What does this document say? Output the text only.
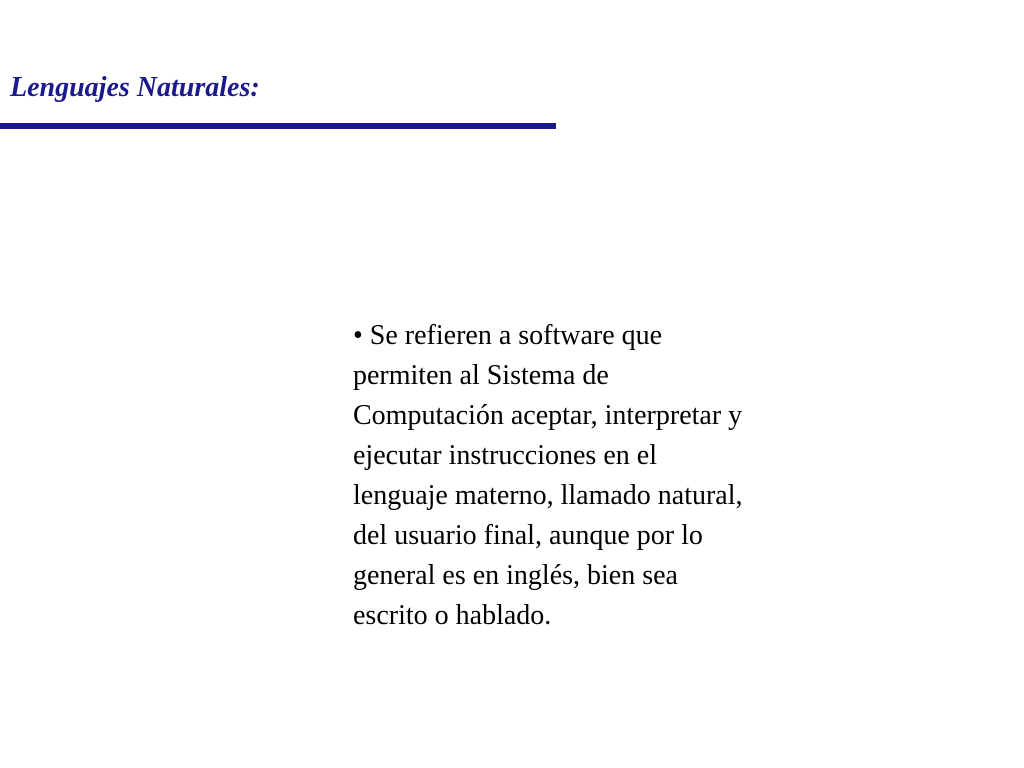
Lenguajes Naturales:

• Se refieren a software que
permiten al Sistema de
Computación aceptar, interpretar y
ejecutar instrucciones en el
lenguaje materno, llamado natural,
del usuario final, aunque por lo
general es en inglés, bien sea
escrito o hablado.
